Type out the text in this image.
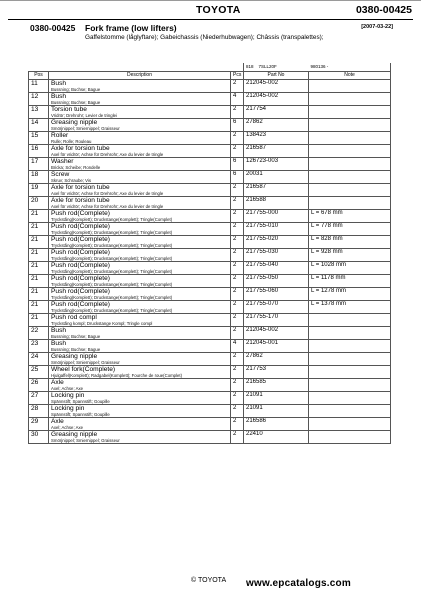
TOYOTA	0380-00425
0380-00425 Fork frame (low lifters)	[2007-03-22]
Gaffelstomme (låglyftare); Gabeichassis (Niederhubwagen); Châssis (transpalettes);
			818 7SLL20F	980136 -
Pos	Description	Pcs	Part No	Note

11	Bush
Bussning; Buchse; Bague	2	212045-002	

12	Bush
Bussning; Buchse; Bague	4	212045-002	

13	Torsion tube
Vridrör; Drehrohr; Levier de tringlei	2	217754	

14	Greasing nipple
Smörjnippel; Smiernippel; Graisseur	6	27862	

15	Roller
Rulle; Rolle; Rouleau	2	138423	

16	Axle for torsion tube
Axel för vridrör; Achse für Drehrohr; Axe du levier de tringle	2	216587	

17	Washer
Bricka; Scheibe; Rondelle	6	126723-003	

18	Screw
Skruv; Schraube; Vis	6	20031	

19	Axle for torsion tube
Axel för vridrör; Achse für Drehrohr; Axe du levier de tringle	2	216587	

20	Axle for torsion tube
Axel för vridrör; Achse für Drehrohr; Axe du levier de tringle	2	216588	

21	Push rod(Complete)
Tryckstång(Komplett); Druckstange(Komplett); Tringle(Complet)	2	217755-000	L = 678 mm

21	Push rod(Complete)
Tryckstång(Komplett); Druckstange(Komplett); Tringle(Complet)	2	217755-010	L = 778 mm

21	Push rod(Complete)
Tryckstång(Komplett); Druckstange(Komplett); Tringle(Complet)	2	217755-020	L = 828 mm

21	Push rod(Complete)
Tryckstång(Komplett); Druckstange(Komplett); Tringle(Complet)	2	217755-030	L = 928 mm

21	Push rod(Complete)
Tryckstång(Komplett); Druckstange(Komplett); Tringle(Complet)	2	217755-040	L = 1028 mm

21	Push rod(Complete)
Tryckstång(Komplett); Druckstange(Komplett); Tringle(Complet)	2	217755-050	L = 1178 mm

21	Push rod(Complete)
Tryckstång(Komplett); Druckstange(Komplett); Tringle(Complet)	2	217755-060	L = 1278 mm

21	Push rod(Complete)
Tryckstång(Komplett); Druckstange(Komplett); Tringle(Complet)	2	217755-070	L = 1378 mm

21	Push rod compl
Tryckstång kompl; Druckstange Kompl; Tringle compl	2	217755-170	

22	Bush
Bussning; Buchse; Bague	2	212045-002	

23	Bush
Bussning; Buchse; Bague	4	212045-001	

24	Greasing nipple
Smörjnippel; Smiernippel; Graisseur	2	27862	

25	Wheel fork(Complete)
Hjulgaffel(Komplett); Radgabel(Komplett); Fourche de roue(Complet)	2	217753	

26	Axle
Axel; Achse; Axe	2	216585	

27	Locking pin
Spännstift; Spannstift; Goupille	2	21091	

28	Locking pin
Spännstift; Spannstift; Goupille	2	21091	

29	Axle
Axel; Achse; Axe	2	216586	

30	Greasing nipple
Smörjnippel; Smiernippel; Graisseur	2	22410	

© TOYOTA www.epcatalogs.com
